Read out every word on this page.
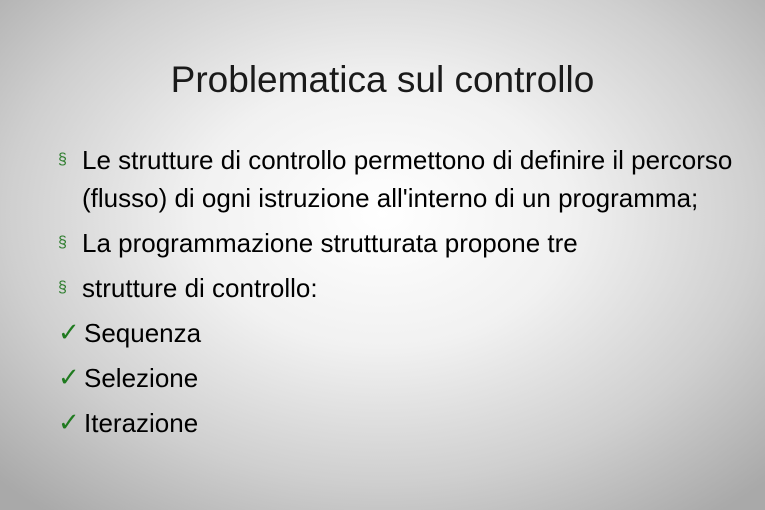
Problematica sul controllo
§ Le strutture di controllo permettono di definire il percorso (flusso) di ogni istruzione all'interno di un programma;
§ La programmazione strutturata propone tre
§ strutture di controllo:
✓ Sequenza
✓ Selezione
✓ Iterazione
